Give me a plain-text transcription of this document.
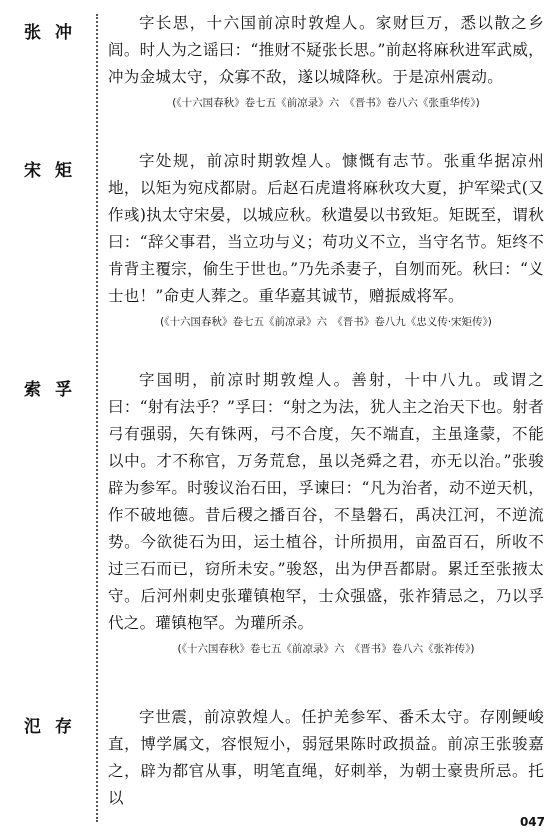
张冲	字长思，十六国前凉时敦煌人。家财巨万，悉以散之乡闾。时人为之谣曰：“推财不疑张长思。”前赵将麻秋进军武威，冲为金城太守，众寡不敌，遂以城降秋。于是凉州震动。

(《十六国春秋》卷七五《前凉录》六　《晋书》卷八六《张重华传》)

宋矩	字处规，前凉时期敦煌人。慷慨有志节。张重华据凉州地，以矩为宛戍都尉。后赵石虎遣将麻秋攻大夏，护军梁式(又作彧)执太守宋晏，以城应秋。秋遣晏以书致矩。矩既至，谓秋曰：“辞父事君，当立功与义；苟功义不立，当守名节。矩终不肯背主覆宗，偷生于世也。”乃先杀妻子，自刎而死。秋曰：“义士也！”命吏人葬之。重华嘉其诚节，赠振威将军。

(《十六国春秋》卷七五《前凉录》六　《晋书》卷八九《忠义传·宋矩传》)

索孚	字国明，前凉时期敦煌人。善射，十中八九。或谓之曰：“射有法乎？”孚曰：“射之为法，犹人主之治天下也。射者弓有强弱，矢有铢两，弓不合度，矢不端直，主虽逢蒙，不能以中。才不称官，万务荒怠，虽以尧舜之君，亦无以治。”张骏辟为参军。时骏议治石田，孚谏曰：“凡为治者，动不逆天机，作不破地德。昔后稷之播百谷，不垦磐石，禹决江河，不逆流势。今欲徙石为田，运土植谷，计所损用，亩盈百石，所收不过三石而已，窃所未安。”骏怒，出为伊吾都尉。累迁至张掖太守。后河州刺史张瓘镇枹罕，士众强盛，张祚猜忌之，乃以孚代之。瓘镇枹罕。为瓘所杀。

(《十六国春秋》卷七五《前凉录》六　《晋书》卷八六《张祚传》)

氾存	字世震，前凉敦煌人。任护羌参军、番禾太守。存刚鲠峻直，博学属文，容恨短小，弱冠果陈时政损益。前凉王张骏嘉之，辟为都官从事，明笔直绳，好刺举，为朝士豪贵所忌。托以

047
